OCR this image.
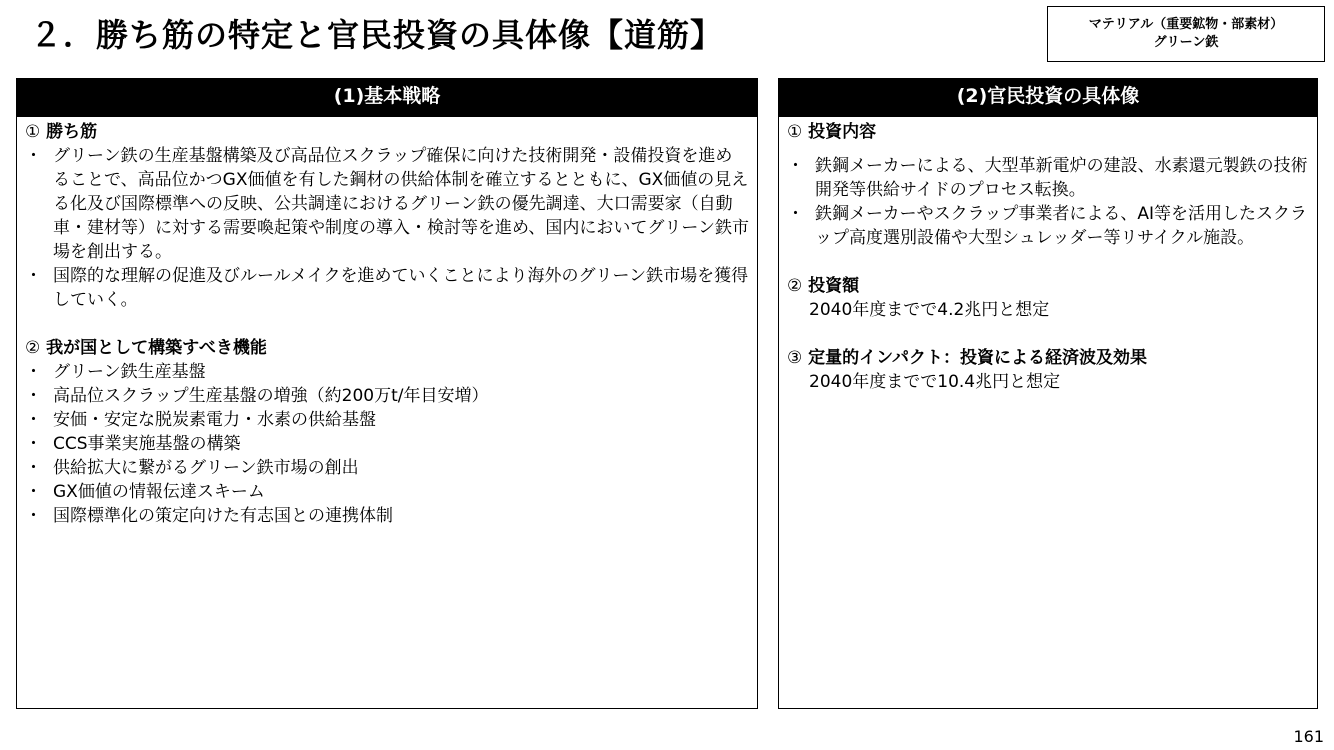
２．勝ち筋の特定と官民投資の具体像【道筋】	マテリアル（重要鉱物・部素材）
グリーン鉄
(1)基本戦略
① 勝ち筋
・ グリーン鉄の生産基盤構築及び高品位スクラップ確保に向けた技術開発・設備投資を進めることで、高品位かつGX価値を有した鋼材の供給体制を確立するとともに、GX価値の見える化及び国際標準への反映、公共調達におけるグリーン鉄の優先調達、大口需要家（自動車・建材等）に対する需要喚起策や制度の導入・検討等を進め、国内においてグリーン鉄市場を創出する。
・ 国際的な理解の促進及びルールメイクを進めていくことにより海外のグリーン鉄市場を獲得していく。
② 我が国として構築すべき機能
・ グリーン鉄生産基盤
・ 高品位スクラップ生産基盤の増強（約200万t/年目安増）
・ 安価・安定な脱炭素電力・水素の供給基盤
・ CCS事業実施基盤の構築
・ 供給拡大に繋がるグリーン鉄市場の創出
・ GX価値の情報伝達スキーム
・ 国際標準化の策定向けた有志国との連携体制
(2)官民投資の具体像
① 投資内容
・ 鉄鋼メーカーによる、大型革新電炉の建設、水素還元製鉄の技術開発等供給サイドのプロセス転換。
・ 鉄鋼メーカーやスクラップ事業者による、AI等を活用したスクラップ高度選別設備や大型シュレッダー等リサイクル施設。
② 投資額
2040年度までで4.2兆円と想定
③ 定量的インパクト：投資による経済波及効果
2040年度までで10.4兆円と想定
161
